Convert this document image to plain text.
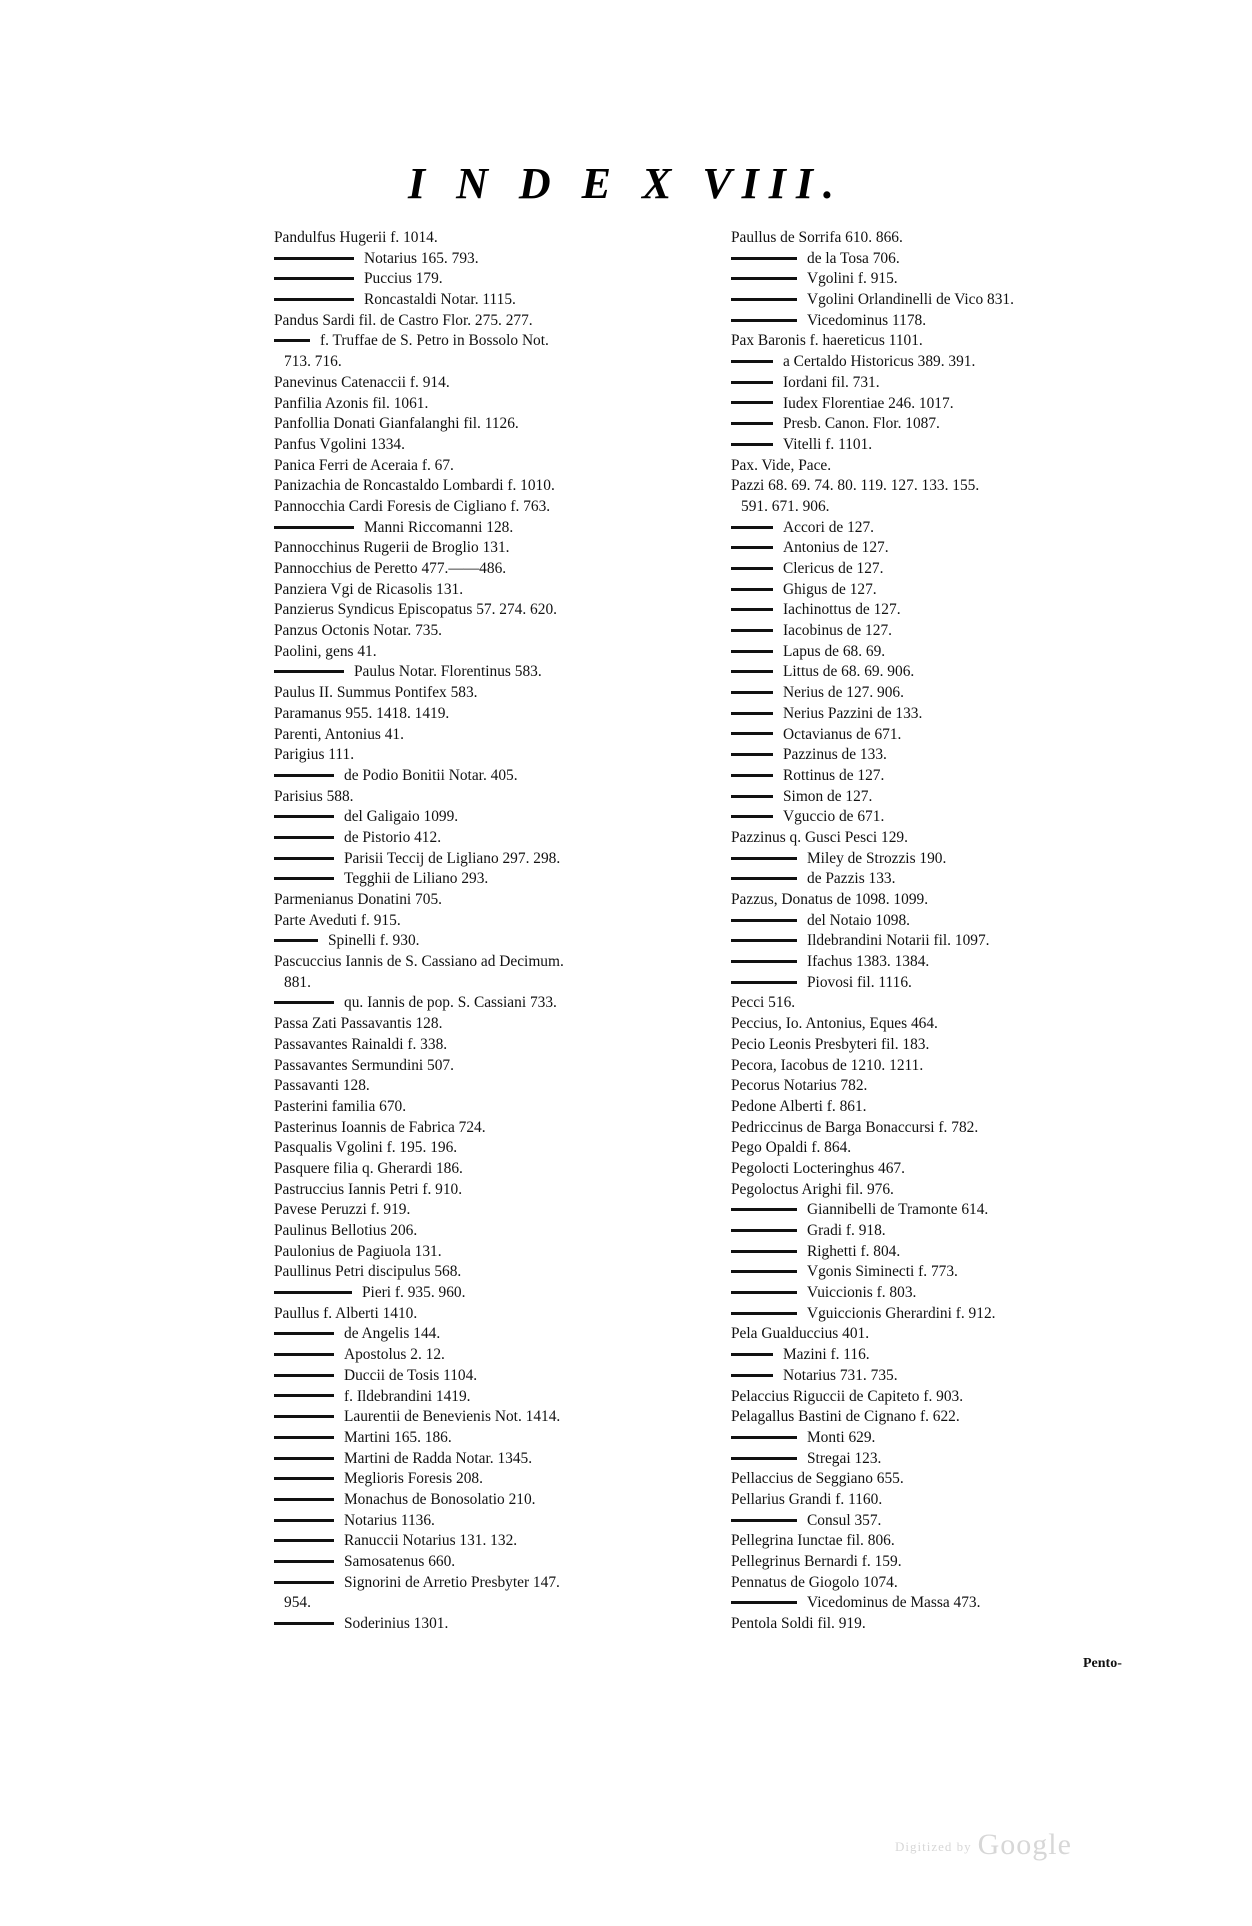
I N D E X VIII.
Pandulfus Hugerii f. 1014.
Notarius 165. 793.
Puccius 179.
Roncastaldi Notar. 1115.
Pandus Sardi fil. de Castro Flor. 275. 277.
f. Truffae de S. Petro in Bossolo Not.
713. 716.
Panevinus Catenaccii f. 914.
Panfilia Azonis fil. 1061.
Panfollia Donati Gianfalanghi fil. 1126.
Panfus Vgolini 1334.
Panica Ferri de Aceraia f. 67.
Panizachia de Roncastaldo Lombardi f. 1010.
Pannocchia Cardi Foresis de Cigliano f. 763.
Manni Riccomanni 128.
Pannocchinus Rugerii de Broglio 131.
Pannocchius de Peretto 477.——486.
Panziera Vgi de Ricasolis 131.
Panzierus Syndicus Episcopatus 57. 274. 620.
Panzus Octonis Notar. 735.
Paolini, gens 41.
Paulus Notar. Florentinus 583.
Paulus II. Summus Pontifex 583.
Paramanus 955. 1418. 1419.
Parenti, Antonius 41.
Parigius 111.
de Podio Bonitii Notar. 405.
Parisius 588.
del Galigaio 1099.
de Pistorio 412.
Parisii Teccij de Ligliano 297. 298.
Tegghii de Liliano 293.
Parmenianus Donatini 705.
Parte Aveduti f. 915.
Spinelli f. 930.
Pascuccius Iannis de S. Cassiano ad Decimum.
881.
qu. Iannis de pop. S. Cassiani 733.
Passa Zati Passavantis 128.
Passavantes Rainaldi f. 338.
Passavantes Sermundini 507.
Passavanti 128.
Pasterini familia 670.
Pasterinus Ioannis de Fabrica 724.
Pasqualis Vgolini f. 195. 196.
Pasquere filia q. Gherardi 186.
Pastruccius Iannis Petri f. 910.
Pavese Peruzzi f. 919.
Paulinus Bellotius 206.
Paulonius de Pagiuola 131.
Paullinus Petri discipulus 568.
Pieri f. 935. 960.
Paullus f. Alberti 1410.
de Angelis 144.
Apostolus 2. 12.
Duccii de Tosis 1104.
f. Ildebrandini 1419.
Laurentii de Benevienis Not. 1414.
Martini 165. 186.
Martini de Radda Notar. 1345.
Meglioris Foresis 208.
Monachus de Bonosolatio 210.
Notarius 1136.
Ranuccii Notarius 131. 132.
Samosatenus 660.
Signorini de Arretio Presbyter 147.
954.
Soderinius 1301.
Paullus de Sorrifa 610. 866.
de la Tosa 706.
Vgolini f. 915.
Vgolini Orlandinelli de Vico 831.
Vicedominus 1178.
Pax Baronis f. haereticus 1101.
a Certaldo Historicus 389. 391.
Iordani fil. 731.
Iudex Florentiae 246. 1017.
Presb. Canon. Flor. 1087.
Vitelli f. 1101.
Pax. Vide, Pace.
Pazzi 68. 69. 74. 80. 119. 127. 133. 155.
591. 671. 906.
Accori de 127.
Antonius de 127.
Clericus de 127.
Ghigus de 127.
Iachinottus de 127.
Iacobinus de 127.
Lapus de 68. 69.
Littus de 68. 69. 906.
Nerius de 127. 906.
Nerius Pazzini de 133.
Octavianus de 671.
Pazzinus de 133.
Rottinus de 127.
Simon de 127.
Vguccio de 671.
Pazzinus q. Gusci Pesci 129.
Miley de Strozzis 190.
de Pazzis 133.
Pazzus, Donatus de 1098. 1099.
del Notaio 1098.
Ildebrandini Notarii fil. 1097.
Ifachus 1383. 1384.
Piovosi fil. 1116.
Pecci 516.
Peccius, Io. Antonius, Eques 464.
Pecio Leonis Presbyteri fil. 183.
Pecora, Iacobus de 1210. 1211.
Pecorus Notarius 782.
Pedone Alberti f. 861.
Pedriccinus de Barga Bonaccursi f. 782.
Pego Opaldi f. 864.
Pegolocti Locteringhus 467.
Pegoloctus Arighi fil. 976.
Giannibelli de Tramonte 614.
Gradi f. 918.
Righetti f. 804.
Vgonis Siminecti f. 773.
Vuiccionis f. 803.
Vguiccionis Gherardini f. 912.
Pela Gualduccius 401.
Mazini f. 116.
Notarius 731. 735.
Pelaccius Riguccii de Capiteto f. 903.
Pelagallus Bastini de Cignano f. 622.
Monti 629.
Stregai 123.
Pellaccius de Seggiano 655.
Pellarius Grandi f. 1160.
Consul 357.
Pellegrina Iunctae fil. 806.
Pellegrinus Bernardi f. 159.
Pennatus de Giogolo 1074.
Vicedominus de Massa 473.
Pentola Soldi fil. 919.
Pento-
Digitized by Google
